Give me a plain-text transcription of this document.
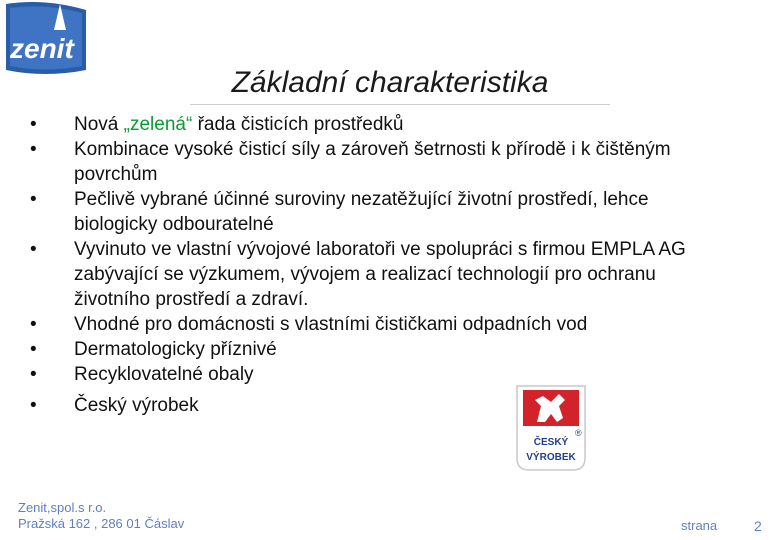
zenit
Základní charakteristika
• Nová „zelená“ řada čisticích prostředků
• Kombinace vysoké čisticí síly a zároveň šetrnosti k přírodě i k čištěným povrchům
• Pečlivě vybrané účinné suroviny nezatěžující životní prostředí, lehce biologicky odbouratelné
• Vyvinuto ve vlastní vývojové laboratoři ve spolupráci s firmou EMPLA AG zabývající se výzkumem, vývojem a realizací technologií pro ochranu životního prostředí a zdraví.
• Vhodné pro domácnosti s vlastními čističkami odpadních vod
• Dermatologicky příznivé
• Recyklovatelné obaly
• Český výrobek
®
ČESKÝ
VÝROBEK
Zenit,spol.s r.o.
Pražská 162 , 286 01 Čáslav	strana	2
